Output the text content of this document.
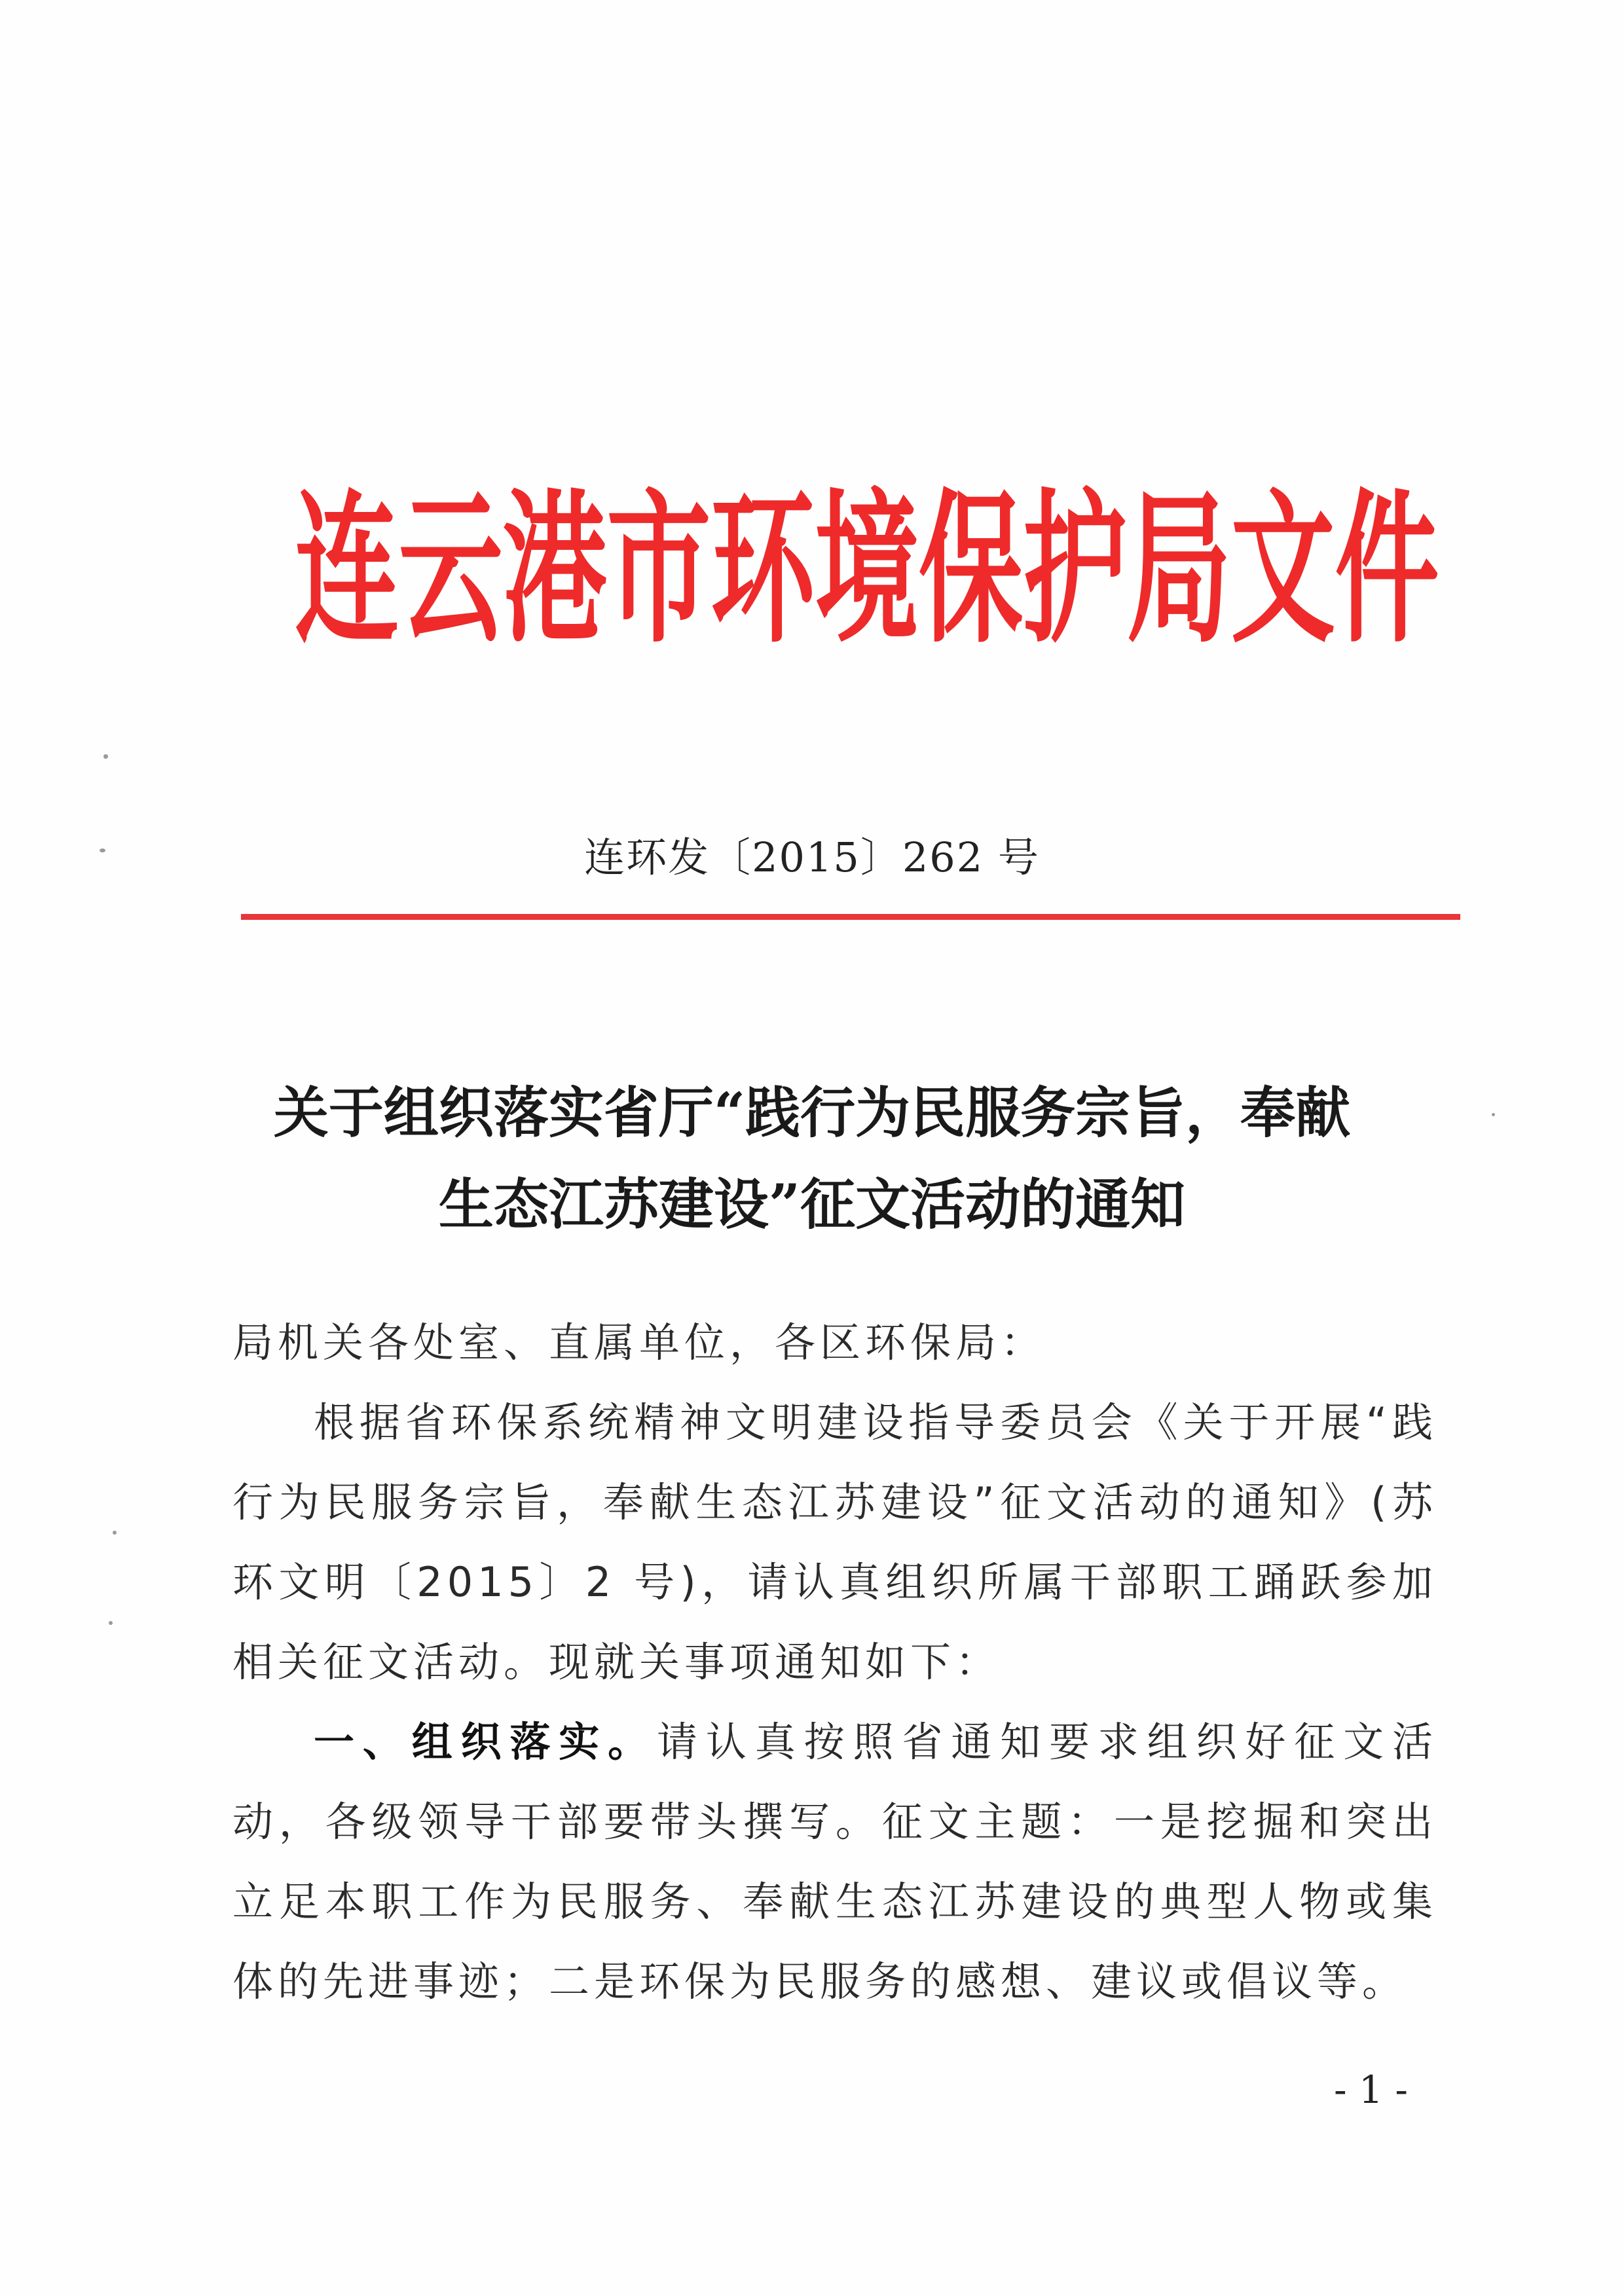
连云港市环境保护局文件
连环发〔2015〕262 号
关于组织落实省厅“践行为民服务宗旨，奉献
生态江苏建设”征文活动的通知

局机关各处室、直属单位，各区环保局：

根据省环保系统精神文明建设指导委员会《关于开展“践行为民服务宗旨，奉献生态江苏建设”征文活动的通知》(苏环文明〔2015〕2 号)，请认真组织所属干部职工踊跃参加相关征文活动。现就关事项通知如下：

一、组织落实。请认真按照省通知要求组织好征文活动，各级领导干部要带头撰写。征文主题：一是挖掘和突出立足本职工作为民服务、奉献生态江苏建设的典型人物或集体的先进事迹；二是环保为民服务的感想、建议或倡议等。

- 1 -
